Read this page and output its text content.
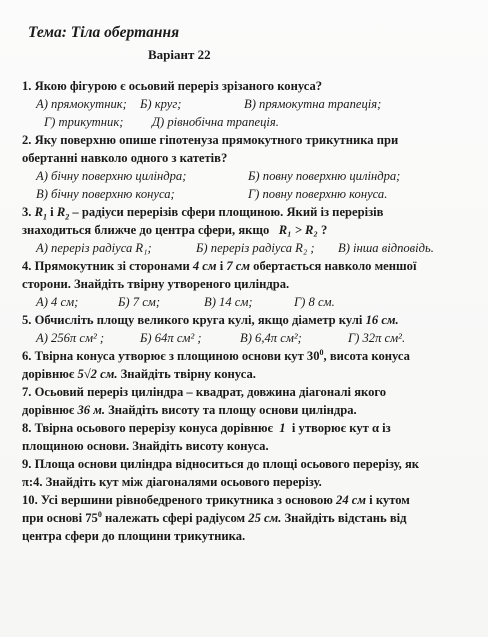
Тема: Тіла обертання
Варіант 22
1. Якою фігурою є осьовий переріз зрізаного конуса?
А) прямокутник; Б) круг;	В) прямокутна трапеція;
Г) трикутник; Д) рівнобічна трапеція.
2. Яку поверхню опише гіпотенуза прямокутного трикутника при
обертанні навколо одного з катетів?
А) бічну поверхню циліндра;	Б) повну поверхню циліндра;
В) бічну поверхню конуса;	Г) повну поверхню конуса.
3. $R_1$ і $R_2$ – радіуси перерізів сфери площиною. Який із перерізів
знаходиться ближче до центра сфери, якщо R₁ > R₂ ?
А) переріз радіуса R₁;	Б) переріз радіуса R₂ ; В) інша відповідь.
4. Прямокутник зі сторонами 4 см і 7 см обертається навколо меншої
сторони. Знайдіть твірну утвореного циліндра.
А) 4 см;	Б) 7 см;	В) 14 см;	Г) 8 см.
5. Обчисліть площу великого круга кулі, якщо діаметр кулі 16 см.
А) 256π см² ;	Б) 64π см² ;	В) 6,4π см²;	Г) 32π см².
6. Твірна конуса утворює з площиною основи кут $30^0$, висота конуса
дорівнює 5√2 см. Знайдіть твірну конуса.
7. Осьовий переріз циліндра – квадрат, довжина діагоналі якого
дорівнює 36 м. Знайдіть висоту та площу основи циліндра.
8. Твірна осьового перерізу конуса дорівнює 1 і утворює кут α із
площиною основи. Знайдіть висоту конуса.
9. Площа основи циліндра відноситься до площі осьового перерізу, як
π:4. Знайдіть кут між діагоналями осьового перерізу.
10. Усі вершини рівнобедреного трикутника з основою 24 см і кутом
при основі $75^0$ належать сфері радіусом 25 см. Знайдіть відстань від
центра сфери до площини трикутника.
